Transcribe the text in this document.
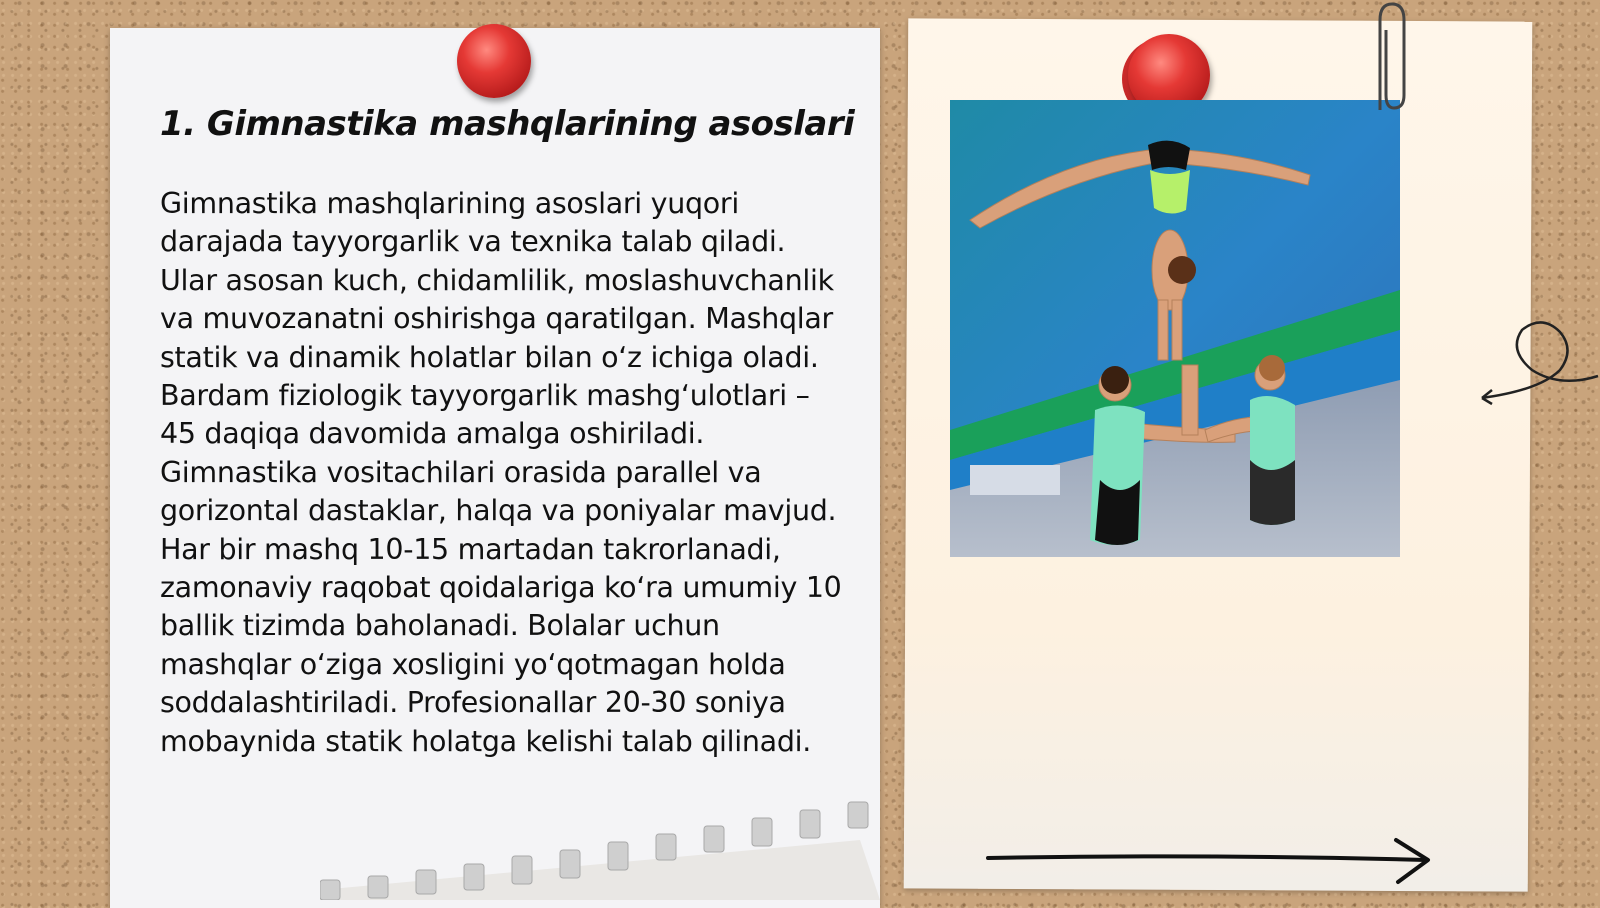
1. Gimnastika mashqlarining asoslari

Gimnastika mashqlarining asoslari yuqori darajada tayyorgarlik va texnika talab qiladi. Ular asosan kuch, chidamlilik, moslashuvchanlik va muvozanatni oshirishga qaratilgan. Mashqlar statik va dinamik holatlar bilan oʻz ichiga oladi. Bardam fiziologik tayyorgarlik mashgʻulotlari – 45 daqiqa davomida amalga oshiriladi. Gimnastika vositachilari orasida parallel va gorizontal dastaklar, halqa va poniyalar mavjud. Har bir mashq 10-15 martadan takrorlanadi, zamonaviy raqobat qoidalariga koʻra umumiy 10 ballik tizimda baholanadi. Bolalar uchun mashqlar oʻziga xosligini yoʻqotmagan holda soddalashtiriladi. Profesionallar 20-30 soniya mobaynida statik holatga kelishi talab qilinadi.
